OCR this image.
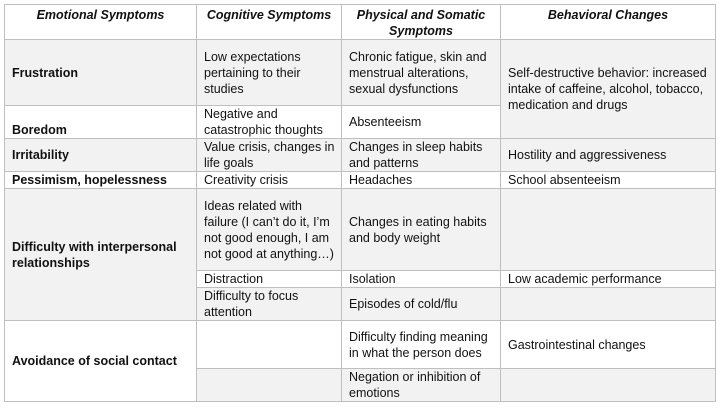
Emotional Symptoms	Cognitive Symptoms	Physical and Somatic Symptoms	Behavioral Changes
Frustration	Low expectations pertaining to their studies	Chronic fatigue, skin and menstrual alterations, sexual dysfunctions	Self-destructive behavior: increased intake of caffeine, alcohol, tobacco, medication and drugs
Boredom	Negative and catastrophic thoughts	Absenteeism	
Irritability	Value crisis, changes in life goals	Changes in sleep habits and patterns	Hostility and aggressiveness
Pessimism, hopelessness	Creativity crisis	Headaches	School absenteeism
Difficulty with interpersonal relationships	Ideas related with failure (I can’t do it, I’m not good enough, I am not good at anything…)	Changes in eating habits and body weight	
	Distraction	Isolation	Low academic performance
	Difficulty to focus attention	Episodes of cold/flu	
Avoidance of social contact		Difficulty finding meaning in what the person does	Gastrointestinal changes
		Negation or inhibition of emotions	
